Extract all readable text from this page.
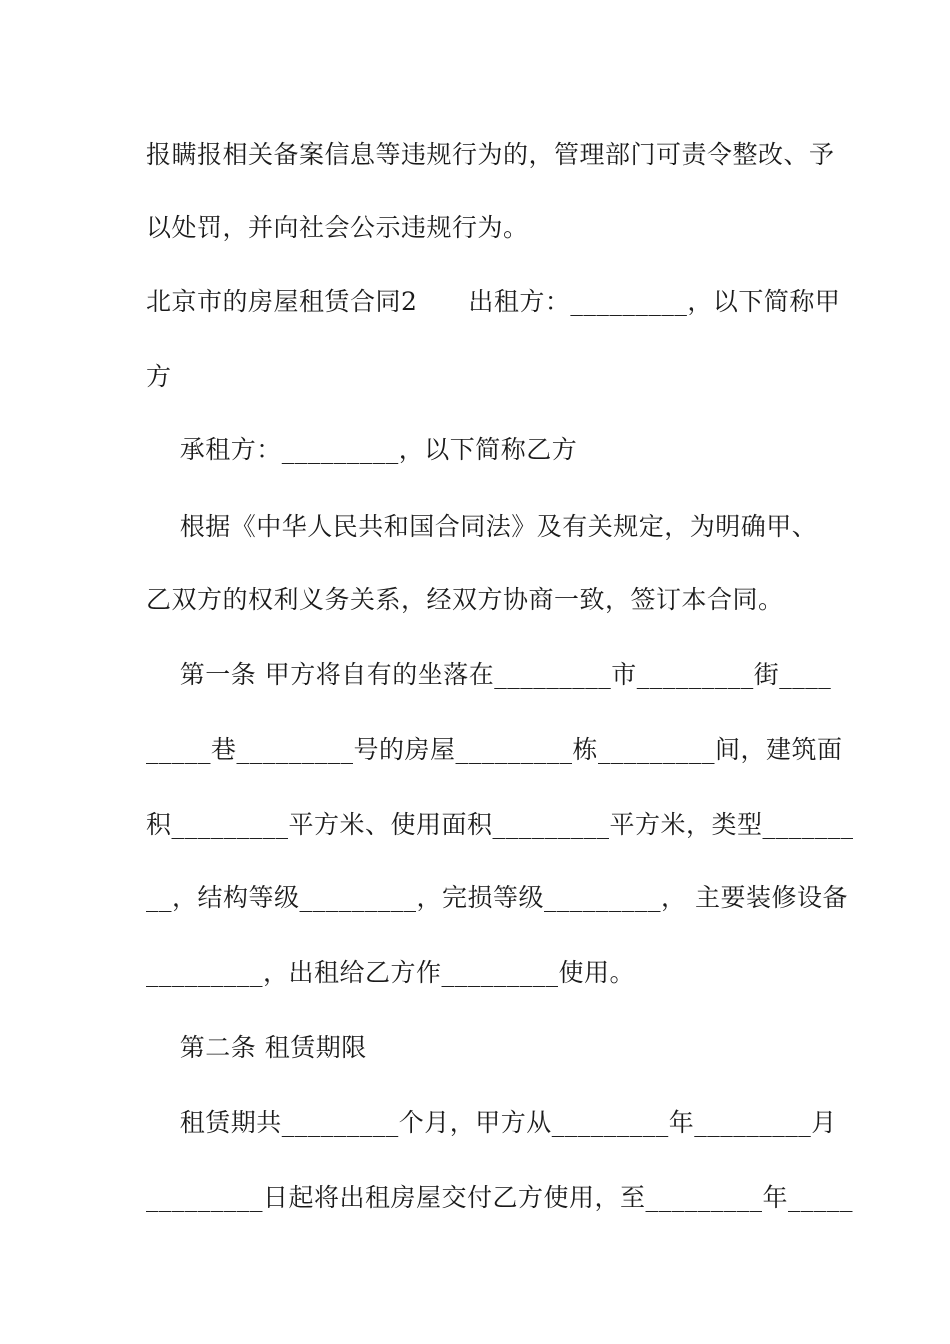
报瞒报相关备案信息等违规行为的，管理部门可责令整改、予
以处罚，并向社会公示违规行为。
北京市的房屋租赁合同2　　出租方：_________，以下简称甲
方
承租方：_________，以下简称乙方
根据《中华人民共和国合同法》及有关规定，为明确甲、
乙双方的权利义务关系，经双方协商一致，签订本合同。
第一条 甲方将自有的坐落在_________市_________街____
_____巷_________号的房屋_________栋_________间，建筑面
积_________平方米、使用面积_________平方米，类型_______
__，结构等级_________，完损等级_________， 主要装修设备
_________，出租给乙方作_________使用。
第二条 租赁期限
租赁期共_________个月，甲方从_________年_________月
_________日起将出租房屋交付乙方使用，至_________年_____
